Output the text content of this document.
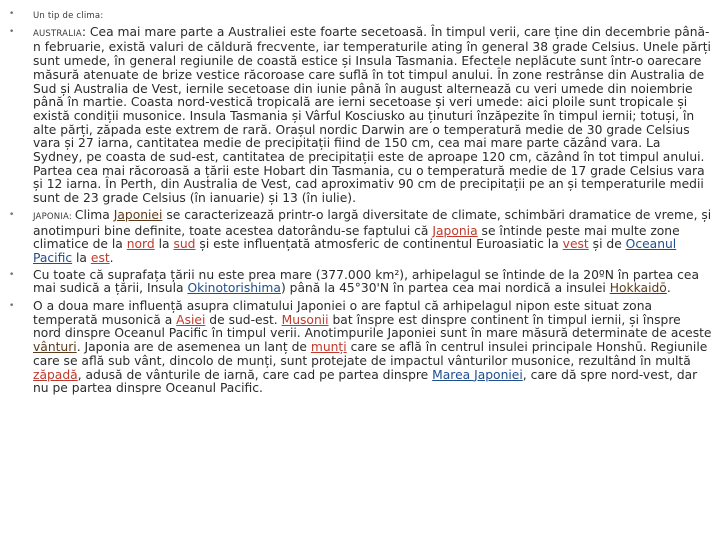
• Un tip de clima:
• AUSTRALIA: Cea mai mare parte a Australiei este foarte secetoasă. În timpul verii, care ține din decembrie până-n februarie, există valuri de căldură frecvente, iar temperaturile ating în general 38 grade Celsius. Unele părți sunt umede, în general regiunile de coastă estice și Insula Tasmania. Efectele neplăcute sunt într-o oarecare măsură atenuate de brize vestice răcoroase care suflă în tot timpul anului. În zone restrânse din Australia de Sud și Australia de Vest, iernile secetoase din iunie până în august alternează cu veri umede din noiembrie până în martie. Coasta nord-vestică tropicală are ierni secetoase și veri umede: aici ploile sunt tropicale și există condiții musonice. Insula Tasmania și Vârful Kosciusko au ținuturi înzăpezite în timpul iernii; totuși, în alte părți, zăpada este extrem de rară. Orașul nordic Darwin are o temperatură medie de 30 grade Celsius vara și 27 iarna, cantitatea medie de precipitații fiind de 150 cm, cea mai mare parte căzând vara. La Sydney, pe coasta de sud-est, cantitatea de precipitații este de aproape 120 cm, căzând în tot timpul anului. Partea cea mai răcoroasă a țării este Hobart din Tasmania, cu o temperatură medie de 17 grade Celsius vara și 12 iarna. În Perth, din Australia de Vest, cad aproximativ 90 cm de precipitații pe an și temperaturile medii sunt de 23 grade Celsius (în ianuarie) și 13 (în iulie).
• JAPONIA: Clima Japoniei se caracterizează printr-o largă diversitate de climate, schimbări dramatice de vreme, și anotimpuri bine definite, toate acestea datorându-se faptului că Japonia se întinde peste mai multe zone climatice de la nord la sud și este influențată atmosferic de continentul Euroasiatic la vest și de Oceanul Pacific la est.
• Cu toate că suprafața țării nu este prea mare (377.000 km²), arhipelagul se întinde de la 20ºN în partea cea mai sudică a țării, Insula Okinotorishima) până la 45°30'N în partea cea mai nordică a insulei Hokkaidō.
• O a doua mare influență asupra climatului Japoniei o are faptul că arhipelagul nipon este situat zona temperată musonică a Asiei de sud-est. Musonii bat înspre est dinspre continent în timpul iernii, și înspre nord dinspre Oceanul Pacific în timpul verii. Anotimpurile Japoniei sunt în mare măsură determinate de aceste vânturi. Japonia are de asemenea un lanț de munți care se află în centrul insulei principale Honshū. Regiunile care se află sub vânt, dincolo de munți, sunt protejate de impactul vânturilor musonice, rezultând în multă zăpadă, adusă de vânturile de iarnă, care cad pe partea dinspre Marea Japoniei, care dă spre nord-vest, dar nu pe partea dinspre Oceanul Pacific.
